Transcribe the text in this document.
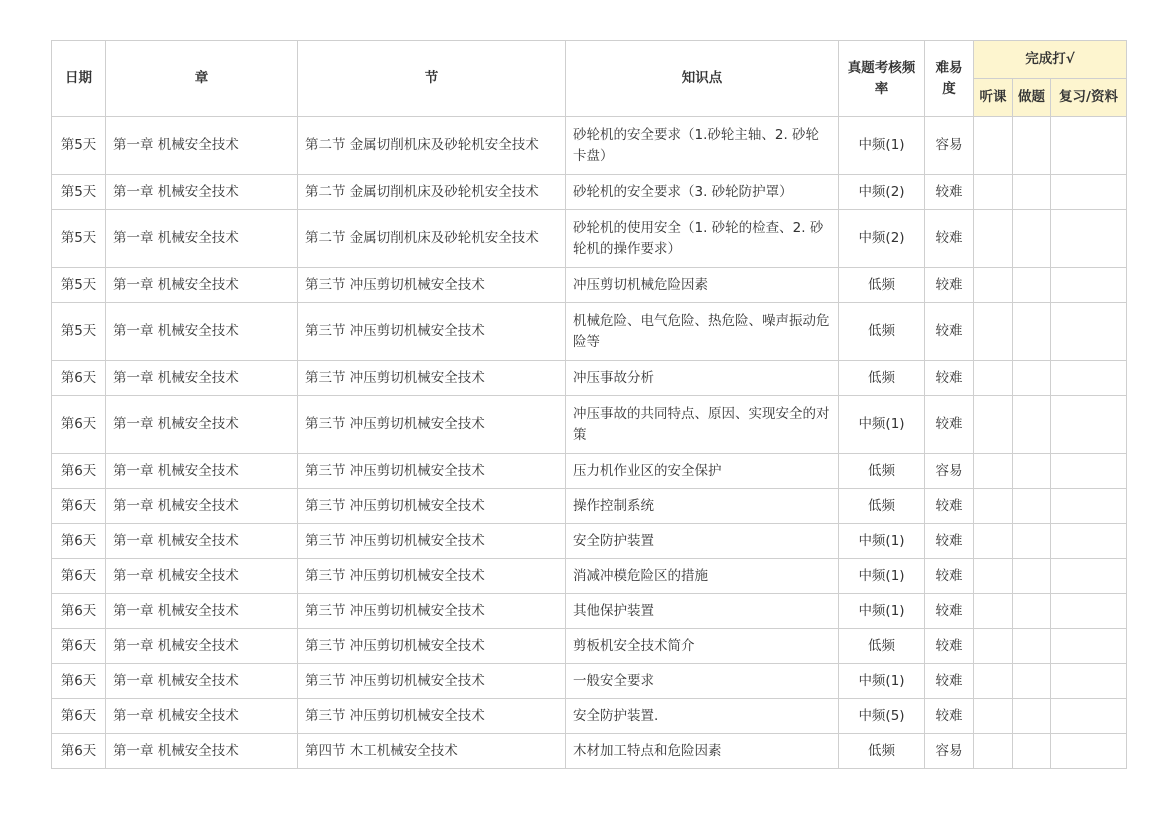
日期	章	节	知识点	真题考核频率	难易度	完成打√		
						听课	做题	复习/资料
第5天	第一章 机械安全技术	第二节 金属切削机床及砂轮机安全技术	砂轮机的安全要求（1.砂轮主轴、2. 砂轮卡盘）	中频(1)	容易			
第5天	第一章 机械安全技术	第二节 金属切削机床及砂轮机安全技术	砂轮机的安全要求（3. 砂轮防护罩）	中频(2)	较难			
第5天	第一章 机械安全技术	第二节 金属切削机床及砂轮机安全技术	砂轮机的使用安全（1. 砂轮的检查、2. 砂轮机的操作要求）	中频(2)	较难			
第5天	第一章 机械安全技术	第三节 冲压剪切机械安全技术	冲压剪切机械危险因素	低频	较难			
第5天	第一章 机械安全技术	第三节 冲压剪切机械安全技术	机械危险、电气危险、热危险、噪声振动危险等	低频	较难			
第6天	第一章 机械安全技术	第三节 冲压剪切机械安全技术	冲压事故分析	低频	较难			
第6天	第一章 机械安全技术	第三节 冲压剪切机械安全技术	冲压事故的共同特点、原因、实现安全的对策	中频(1)	较难			
第6天	第一章 机械安全技术	第三节 冲压剪切机械安全技术	压力机作业区的安全保护	低频	容易			
第6天	第一章 机械安全技术	第三节 冲压剪切机械安全技术	操作控制系统	低频	较难			
第6天	第一章 机械安全技术	第三节 冲压剪切机械安全技术	安全防护装置	中频(1)	较难			
第6天	第一章 机械安全技术	第三节 冲压剪切机械安全技术	消减冲模危险区的措施	中频(1)	较难			
第6天	第一章 机械安全技术	第三节 冲压剪切机械安全技术	其他保护装置	中频(1)	较难			
第6天	第一章 机械安全技术	第三节 冲压剪切机械安全技术	剪板机安全技术简介	低频	较难			
第6天	第一章 机械安全技术	第三节 冲压剪切机械安全技术	一般安全要求	中频(1)	较难			
第6天	第一章 机械安全技术	第三节 冲压剪切机械安全技术	安全防护装置.	中频(5)	较难			
第6天	第一章 机械安全技术	第四节 木工机械安全技术	木材加工特点和危险因素	低频	容易			
